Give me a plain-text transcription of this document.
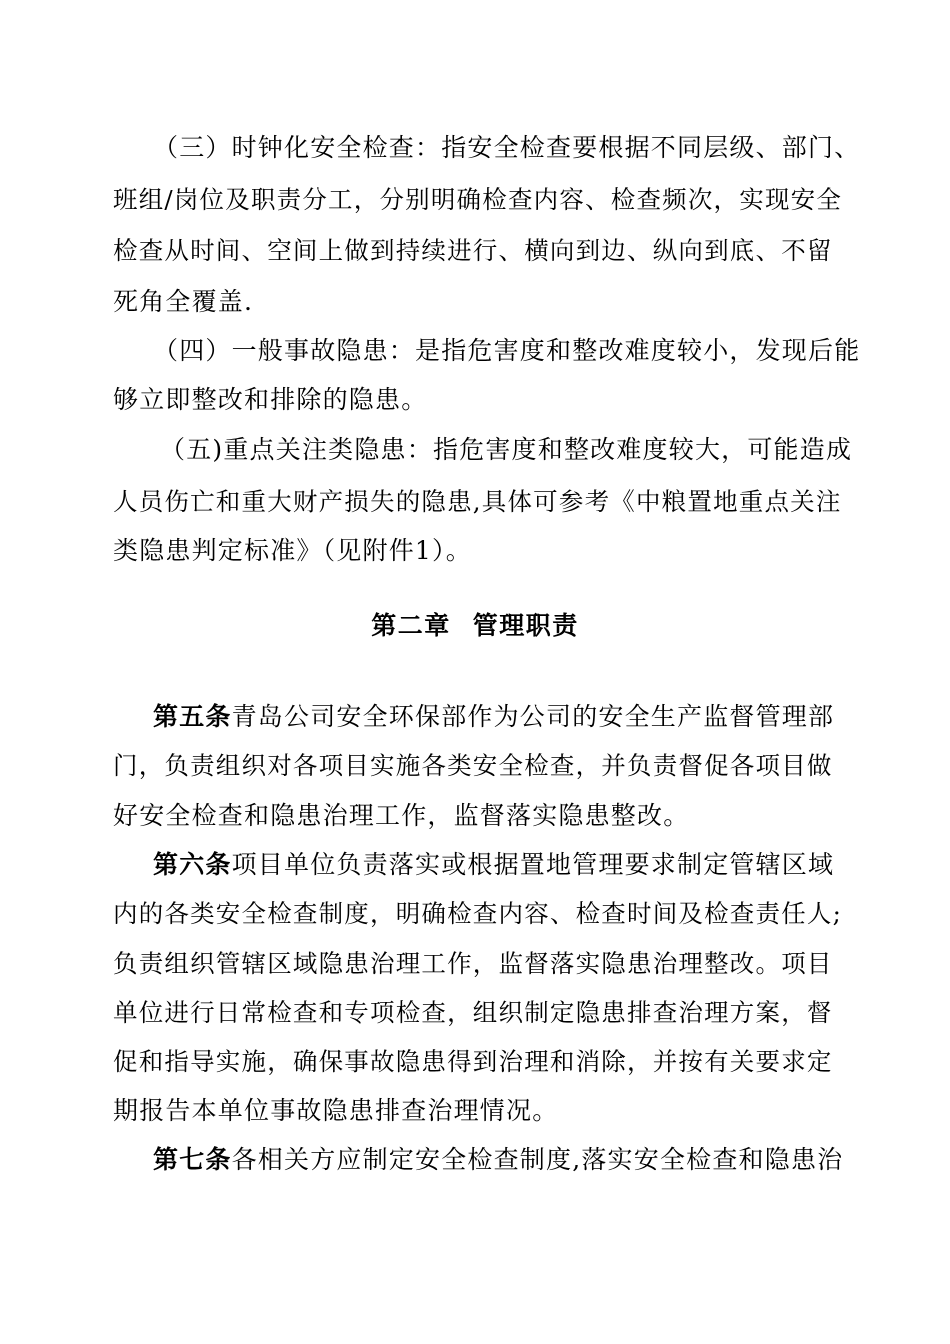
（三）时钟化安全检查：指安全检查要根据不同层级、部门、
班组/岗位及职责分工，分别明确检查内容、检查频次，实现安全
检查从时间、空间上做到持续进行、横向到边、纵向到底、不留
死角全覆盖.
（四）一般事故隐患：是指危害度和整改难度较小，发现后能
够立即整改和排除的隐患。
（五)重点关注类隐患：指危害度和整改难度较大，可能造成
人员伤亡和重大财产损失的隐患,具体可参考《中粮置地重点关注
类隐患判定标准》（见附件1）。
第二章 管理职责
第五条青岛公司安全环保部作为公司的安全生产监督管理部
门，负责组织对各项目实施各类安全检查，并负责督促各项目做
好安全检查和隐患治理工作，监督落实隐患整改。
第六条项目单位负责落实或根据置地管理要求制定管辖区域
内的各类安全检查制度，明确检查内容、检查时间及检查责任人;
负责组织管辖区域隐患治理工作，监督落实隐患治理整改。项目
单位进行日常检查和专项检查，组织制定隐患排查治理方案，督
促和指导实施，确保事故隐患得到治理和消除，并按有关要求定
期报告本单位事故隐患排查治理情况。
第七条各相关方应制定安全检查制度,落实安全检查和隐患治
